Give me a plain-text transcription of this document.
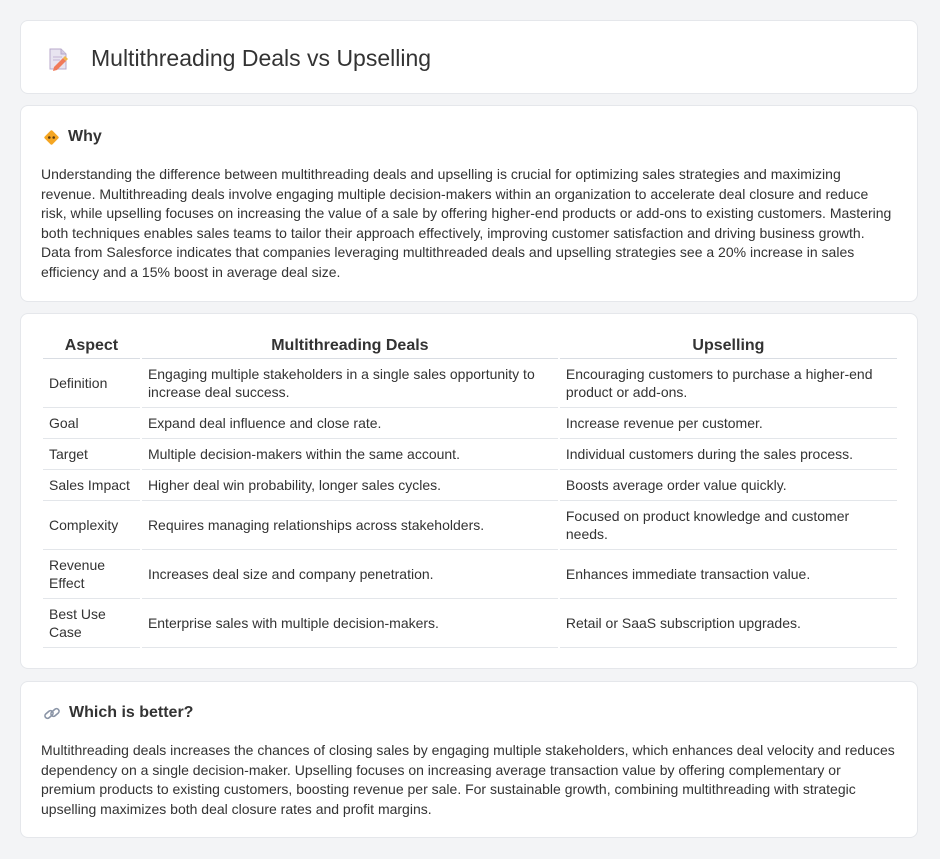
Multithreading Deals vs Upselling
Why

Understanding the difference between multithreading deals and upselling is crucial for optimizing sales strategies and maximizing revenue. Multithreading deals involve engaging multiple decision-makers within an organization to accelerate deal closure and reduce risk, while upselling focuses on increasing the value of a sale by offering higher-end products or add-ons to existing customers. Mastering both techniques enables sales teams to tailor their approach effectively, improving customer satisfaction and driving business growth. Data from Salesforce indicates that companies leveraging multithreaded deals and upselling strategies see a 20% increase in sales efficiency and a 15% boost in average deal size.

Aspect	Multithreading Deals	Upselling
Definition	Engaging multiple stakeholders in a single sales opportunity to increase deal success.	Encouraging customers to purchase a higher-end product or add-ons.
Goal	Expand deal influence and close rate.	Increase revenue per customer.
Target	Multiple decision-makers within the same account.	Individual customers during the sales process.
Sales Impact	Higher deal win probability, longer sales cycles.	Boosts average order value quickly.
Complexity	Requires managing relationships across stakeholders.	Focused on product knowledge and customer needs.
Revenue Effect	Increases deal size and company penetration.	Enhances immediate transaction value.
Best Use Case	Enterprise sales with multiple decision-makers.	Retail or SaaS subscription upgrades.
Which is better?

Multithreading deals increases the chances of closing sales by engaging multiple stakeholders, which enhances deal velocity and reduces dependency on a single decision-maker. Upselling focuses on increasing average transaction value by offering complementary or premium products to existing customers, boosting revenue per sale. For sustainable growth, combining multithreading with strategic upselling maximizes both deal closure rates and profit margins.
